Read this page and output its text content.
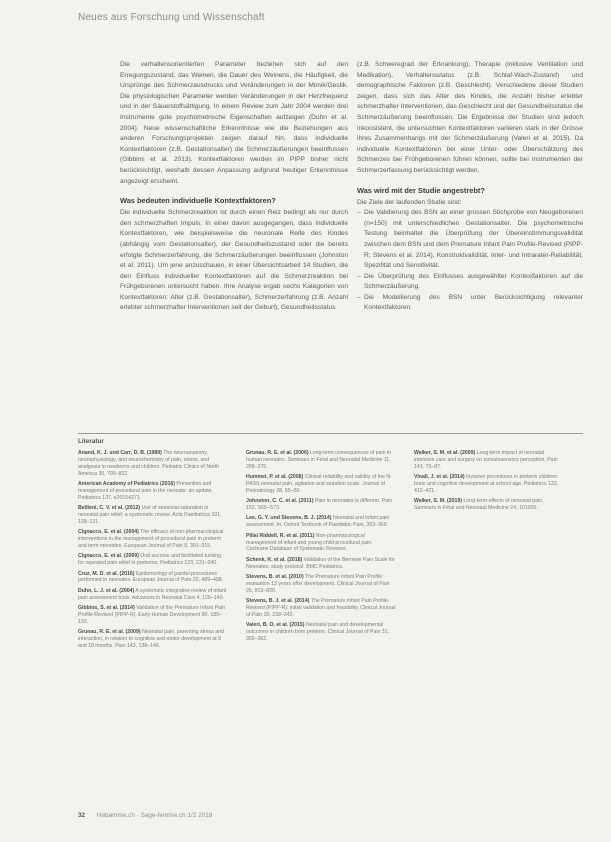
Neues aus Forschung und Wissenschaft

Die verhaltensorientierten Parameter beziehen sich auf den Erregungszustand, das Weinen, die Dauer des Weinens, die Häufigkeit, die Ursprünge des Schmerzausdrucks und Veränderungen in der Mimik/Gestik. Die physiologischen Parameter werden Veränderungen in der Herzfrequenz und in der Sauerstoffsättigung. In einem Review zum Jahr 2004 werden drei Instrumente gute psychometrische Eigenschaften aufzeigen (Duhn et al. 2004). Neue wissenschaftliche Erkenntnisse wie die Beziehungen aus anderen Forschungsprojekten zeigen darauf hin, dass individuelle Kontextfaktoren (z.B. Gestationsalter) die Schmerzäußerungen beeinflussen (Gibbins et al. 2013). Kontextfaktoren werden im PIPP bisher nicht berücksichtigt, weshalb dessen Anpassung aufgrund heutiger Erkenntnisse angezeigt erscheint.

Was bedeuten individuelle Kontextfaktoren?

Die individuelle Schmerzreaktion ist durch einen Reiz bedingt als nur durch den schmerzhaften Impuls. In einer davon ausgegangen, dass individuelle Kontextfaktoren, wie beispielsweise die neuronale Reife des Kindes (abhängig vom Gestationsalter), der Gesundheitszustand oder die bereits erfolgte Schmerzerfahrung, die Schmerzäußerungen beeinflussen (Johnston et al. 2011). Um jene anzuschauen, in einer Übersichtsarbeit 14 Studien, die den Einfluss individueller Kontextfaktoren auf die Schmerzreaktion bei Frühgeborenen untersucht haben. Ihre Analyse ergab sechs Kategorien von Kontextfaktoren: Alter (z.B. Gestationsalter), Schmerzerfahrung (z.B. Anzahl erlebter schmerzhafter Interventionen seit der Geburt), Gesundheitsstatus

(z.B. Schweregrad der Erkrankung), Therapie (inklusive Ventilation und Medikation), Verhaltensstatus (z.B. Schlaf-Wach-Zustand) und demographische Faktoren (z.B. Geschlecht). Verschiedene dieser Studien zeigen, dass sich das Alter des Kindes, die Anzahl bisher erlebter schmerzhafter Interventionen, das Geschlecht und der Gesundheitsstatus die Schmerzäußerung beeinflussen. Die Ergebnisse der Studien sind jedoch inkonsistent, die untersuchten Kontextfaktoren variieren stark in der Grösse ihres Zusammenhangs mit der Schmerzäußerung (Valeri et al. 2015). Da individuelle Kontextfaktoren bei einer Unter- oder Überschätzung des Schmerzes bei Frühgeborenen führen können, sollte bei Instrumenten der Schmerzerfassung berücksichtigt werden.

Was wird mit der Studie angestrebt?

Die Ziele der laufenden Studie sind:

– Die Validierung des BSN an einer grossen Stichprobe von Neugeborenen (n=150) mit unterschiedlichen Gestationsalter. Die psychometrische Testung beinhaltet die Überprüfung der Übereinstimmungsvalidität zwischen dem BSN und dem Premature Infant Pain Profile-Revised (PIPP-R; Stevens et al. 2014), Konstruktvalidität, Inter- und Intrarater-Reliabilität, Spezifität und Sensitivität.
– Die Überprüfung des Einflusses ausgewählter Kontextfaktoren auf die Schmerzäußerung.
– Die Modellierung des BSN unter Berücksichtigung relevanter Kontextfaktoren.
Literatur

Anand, K. J. und Carr, D. B. (1989) The neuroanatomy, neurophysiology, and neurochemistry of pain, stress, and analgesia in newborns and children. Pediatric Clinics of North America 36, 795–822.

American Academy of Pediatrics (2016) Prevention and management of procedural pain in the neonate: an update. Pediatrics 137, e20154271.

Bellieni, C. V. et al. (2012) Use of sensorial saturation in neonatal pain relief: a systematic review. Acta Paediatrica 101, 128–131.

Cignacco, E. et al. (2004) The efficacy of non-pharmacological interventions in the management of procedural pain in preterm and term neonates. European Journal of Pain 8, 301–315.

Cignacco, E. et al. (2009) Oral sucrose and facilitated tucking for repeated pain relief in preterms. Pediatrics 123, 231–240.

Cruz, M. D. et al. (2016) Epidemiology of painful procedures performed in neonates. European Journal of Pain 20, 489–498.

Duhn, L. J. et al. (2004) A systematic integrative review of infant pain assessment tools. Advances in Neonatal Care 4, 126–140.

Gibbins, S. et al. (2014) Validation of the Premature Infant Pain Profile-Revised (PIPP-R). Early Human Development 90, 189–193.

Grunau, R. E. et al. (2009) Neonatal pain, parenting stress and interaction, in relation to cognitive and motor development at 8 and 18 months. Pain 143, 138–146.

Grunau, R. E. et al. (2006) Long-term consequences of pain in human neonates. Seminars in Fetal and Neonatal Medicine 11, 268–275.

Hummel, P. et al. (2008) Clinical reliability and validity of the N-PASS neonatal pain, agitation and sedation scale. Journal of Perinatology 28, 55–60.

Johnston, C. C. et al. (2011) Pain in neonates is different. Pain 152, S65–S73.

Lee, G. Y. und Stevens, B. J. (2014) Neonatal and infant pain assessment. In: Oxford Textbook of Paediatric Pain, 353–369.

Pillai Riddell, R. et al. (2011) Non-pharmacological management of infant and young child procedural pain. Cochrane Database of Systematic Reviews.

Schenk, K. et al. (2018) Validation of the Bernese Pain Scale for Neonates: study protocol. BMC Pediatrics.

Stevens, B. et al. (2010) The Premature Infant Pain Profile: evaluation 13 years after development. Clinical Journal of Pain 26, 813–830.

Stevens, B. J. et al. (2014) The Premature Infant Pain Profile-Revised (PIPP-R): initial validation and feasibility. Clinical Journal of Pain 30, 238–243.

Valeri, B. O. et al. (2015) Neonatal pain and developmental outcomes in children born preterm. Clinical Journal of Pain 31, 355–362.

Walker, S. M. et al. (2009) Long-term impact of neonatal intensive care and surgery on somatosensory perception. Pain 141, 79–87.

Vinall, J. et al. (2014) Invasive procedures in preterm children: brain and cognitive development at school age. Pediatrics 133, 412–421.

Walker, S. M. (2019) Long-term effects of neonatal pain. Seminars in Fetal and Neonatal Medicine 24, 101005.

32 Hebamme.ch · Sage-femme.ch 1/2 2018
